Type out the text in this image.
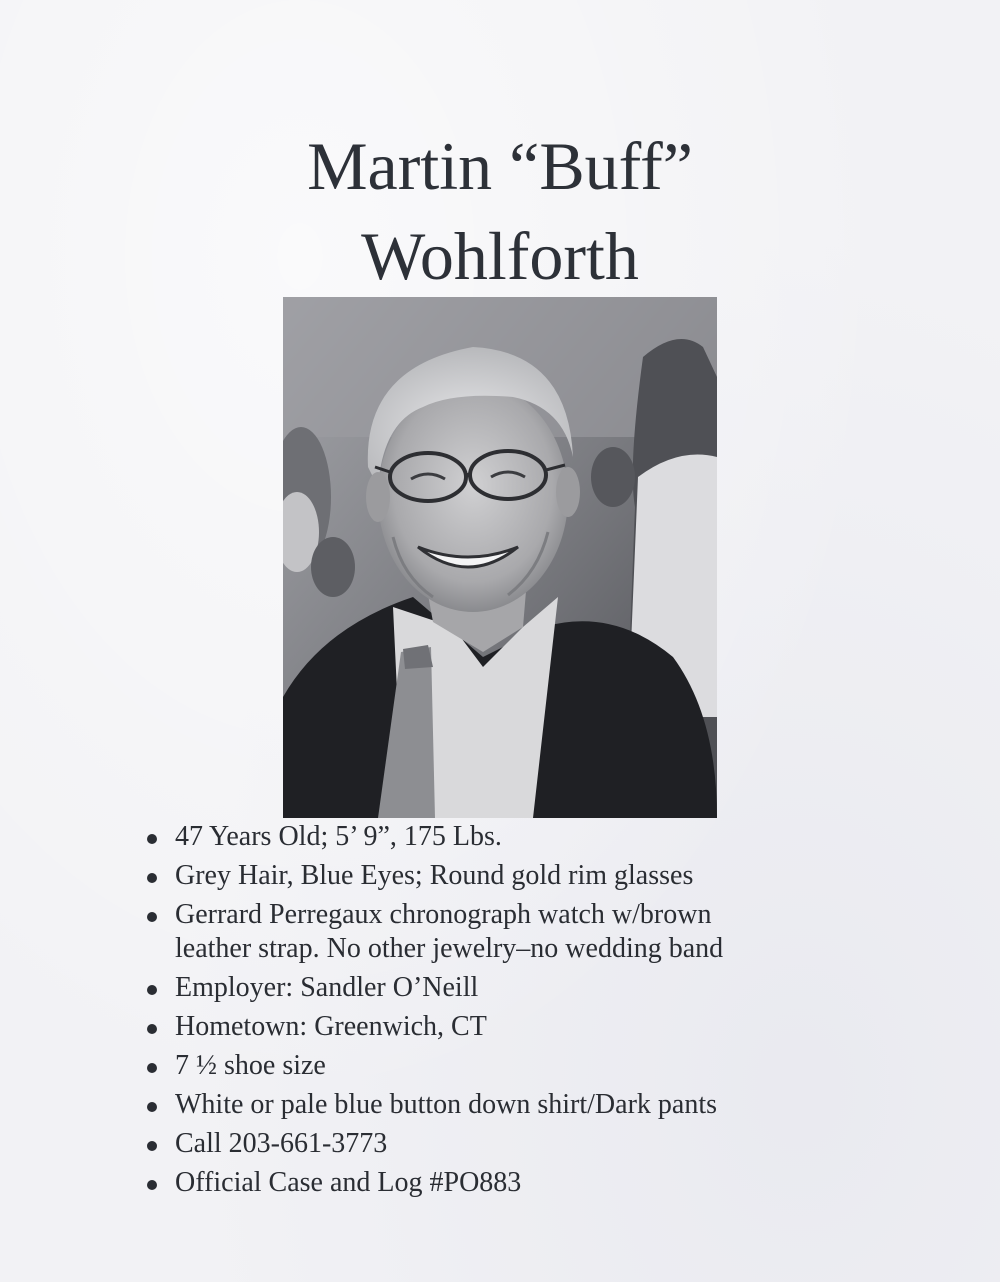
Martin “Buff”
Wohlforth
47 Years Old; 5’ 9”, 175 Lbs.
Grey Hair, Blue Eyes; Round gold rim glasses
Gerrard Perregaux chronograph watch w/brown
leather strap. No other jewelry–no wedding band
Employer: Sandler O’Neill
Hometown: Greenwich, CT
7 ½ shoe size
White or pale blue button down shirt/Dark pants
Call 203-661-3773
Official Case and Log #PO883
